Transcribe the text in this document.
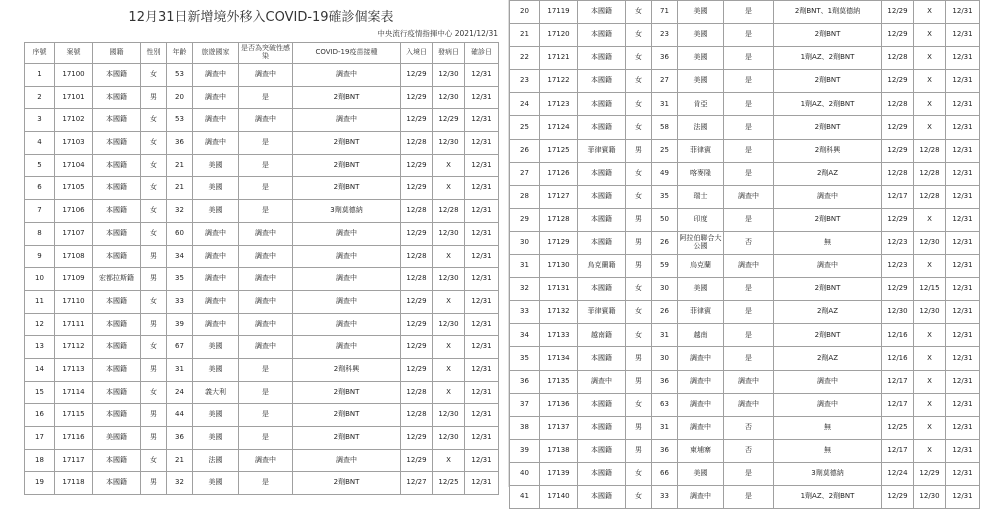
12月31日新增境外移入COVID-19確診個案表
中央流行疫情指揮中心 2021/12/31
序號	案號	國籍	性別	年齡	旅遊國家	是否為突破性感染	COVID-19疫苗接種	入境日	發病日	確診日
1	17100	本國籍	女	53	調查中	調查中	調查中	12/29	12/30	12/31
2	17101	本國籍	男	20	調查中	是	2劑BNT	12/29	12/30	12/31
3	17102	本國籍	女	53	調查中	調查中	調查中	12/29	12/29	12/31
4	17103	本國籍	女	36	調查中	是	2劑BNT	12/28	12/30	12/31
5	17104	本國籍	女	21	美國	是	2劑BNT	12/29	X	12/31
6	17105	本國籍	女	21	美國	是	2劑BNT	12/29	X	12/31
7	17106	本國籍	女	32	美國	是	3劑莫德納	12/28	12/28	12/31
8	17107	本國籍	女	60	調查中	調查中	調查中	12/29	12/30	12/31
9	17108	本國籍	男	34	調查中	調查中	調查中	12/28	X	12/31
10	17109	宏都拉斯籍	男	35	調查中	調查中	調查中	12/28	12/30	12/31
11	17110	本國籍	女	33	調查中	調查中	調查中	12/29	X	12/31
12	17111	本國籍	男	39	調查中	調查中	調查中	12/29	12/30	12/31
13	17112	本國籍	女	67	美國	調查中	調查中	12/29	X	12/31
14	17113	本國籍	男	31	美國	是	2劑科興	12/29	X	12/31
15	17114	本國籍	女	24	義大利	是	2劑BNT	12/28	X	12/31
16	17115	本國籍	男	44	美國	是	2劑BNT	12/28	12/30	12/31
17	17116	美國籍	男	36	美國	是	2劑BNT	12/29	12/30	12/31
18	17117	本國籍	女	21	法國	調查中	調查中	12/29	X	12/31
19	17118	本國籍	男	32	美國	是	2劑BNT	12/27	12/25	12/31
20	17119	本國籍	女	71	美國	是	2劑BNT、1劑莫德納	12/29	X	12/31
21	17120	本國籍	女	23	美國	是	2劑BNT	12/29	X	12/31
22	17121	本國籍	女	36	美國	是	1劑AZ、2劑BNT	12/28	X	12/31
23	17122	本國籍	女	27	美國	是	2劑BNT	12/29	X	12/31
24	17123	本國籍	女	31	肯亞	是	1劑AZ、2劑BNT	12/28	X	12/31
25	17124	本國籍	女	58	法國	是	2劑BNT	12/29	X	12/31
26	17125	菲律賓籍	男	25	菲律賓	是	2劑科興	12/29	12/28	12/31
27	17126	本國籍	女	49	喀麥隆	是	2劑AZ	12/28	12/28	12/31
28	17127	本國籍	女	35	瑞士	調查中	調查中	12/17	12/28	12/31
29	17128	本國籍	男	50	印度	是	2劑BNT	12/29	X	12/31
30	17129	本國籍	男	26	阿拉伯聯合大公國	否	無	12/23	12/30	12/31
31	17130	烏克蘭籍	男	59	烏克蘭	調查中	調查中	12/23	X	12/31
32	17131	本國籍	女	30	美國	是	2劑BNT	12/29	12/15	12/31
33	17132	菲律賓籍	女	26	菲律賓	是	2劑AZ	12/30	12/30	12/31
34	17133	越南籍	女	31	越南	是	2劑BNT	12/16	X	12/31
35	17134	本國籍	男	30	調查中	是	2劑AZ	12/16	X	12/31
36	17135	調查中	男	36	調查中	調查中	調查中	12/17	X	12/31
37	17136	本國籍	女	63	調查中	調查中	調查中	12/17	X	12/31
38	17137	本國籍	男	31	調查中	否	無	12/25	X	12/31
39	17138	本國籍	男	36	柬埔寨	否	無	12/17	X	12/31
40	17139	本國籍	女	66	美國	是	3劑莫德納	12/24	12/29	12/31
41	17140	本國籍	女	33	調查中	是	1劑AZ、2劑BNT	12/29	12/30	12/31
